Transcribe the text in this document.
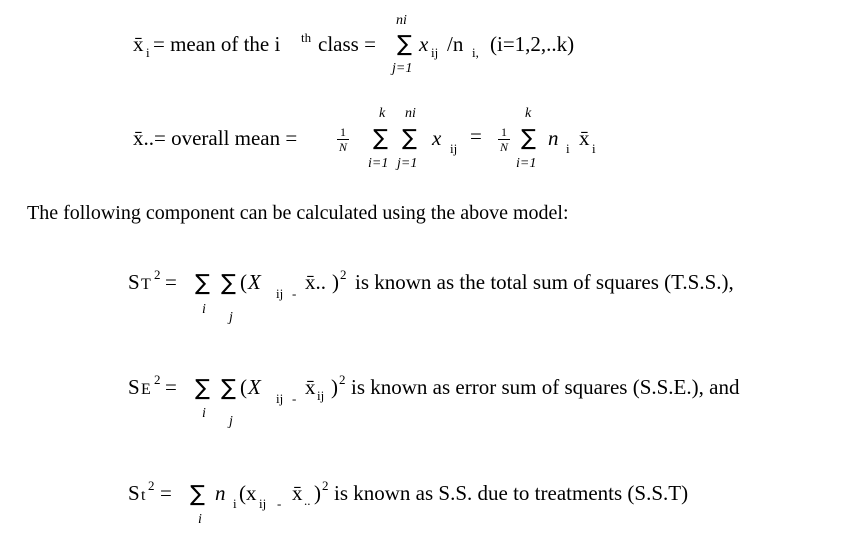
x̄ i = mean of the i th class =
ni
∑
j=1
x ij /n i, (i=1,2,..k)
x̄..= overall mean =	1
N
k
∑
i=1
ni
∑
j=1
x ij
= 1
N
k
∑
i=1
n i x̄ i
The following component can be calculated using the above model:
S T
2 = ∑ ∑
i
j
( X ij - x̄.. ) 2 is known as the total sum of squares (T.S.S.),
S E
2 = ∑ ∑
i
j
( X ij - x̄ ij ) 2 is known as error sum of squares (S.S.E.), and
S t
2 = ∑
i
n i (x ij - x̄ .. ) 2 is known as S.S. due to treatments (S.S.T)
